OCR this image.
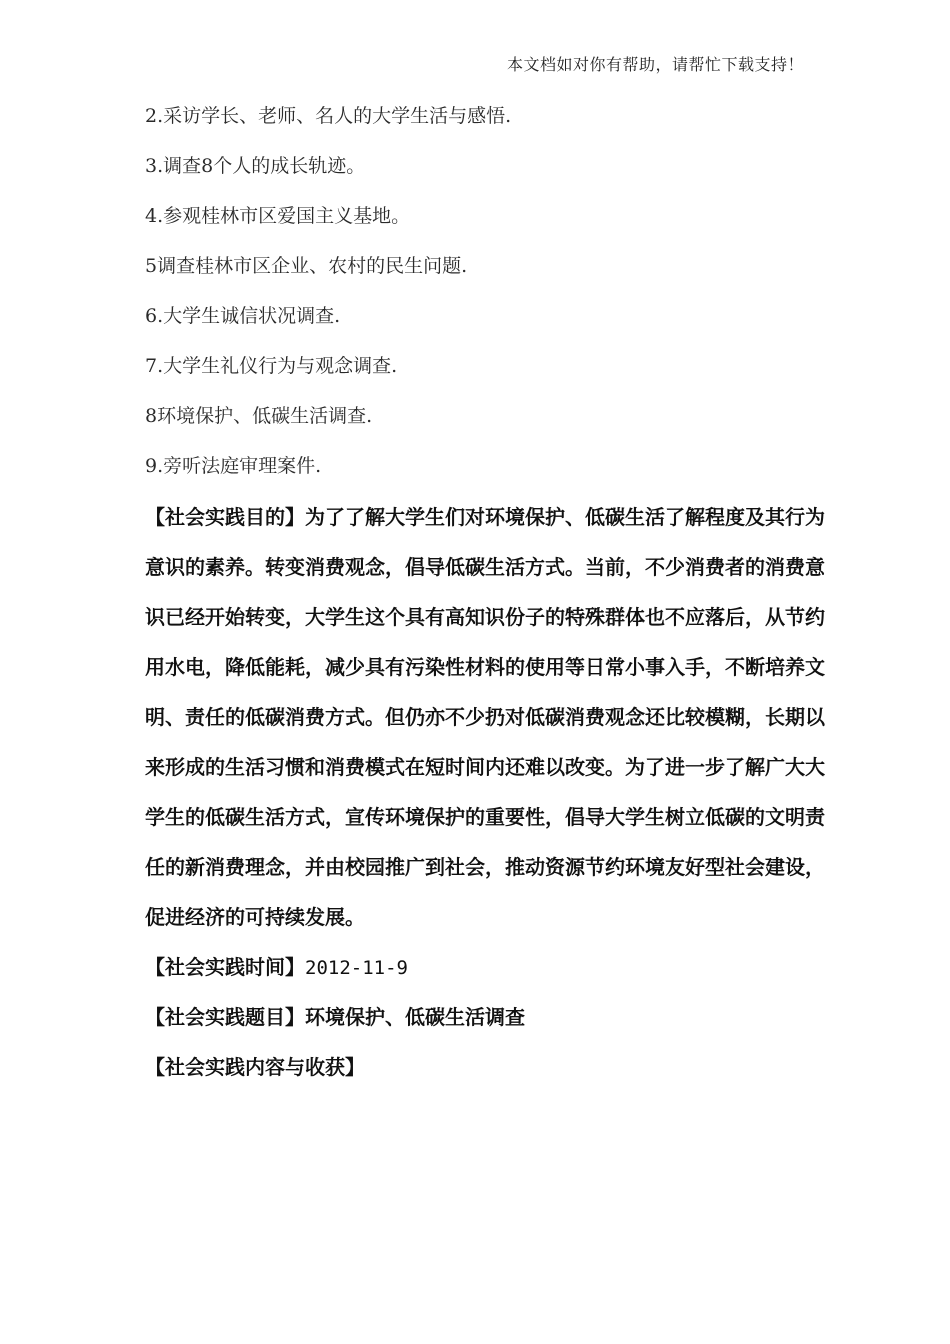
本文档如对你有帮助，请帮忙下载支持！
2.采访学长、老师、名人的大学生活与感悟.
3.调查8个人的成长轨迹。
4.参观桂林市区爱国主义基地。
5调查桂林市区企业、农村的民生问题.
6.大学生诚信状况调查.
7.大学生礼仪行为与观念调查.
8环境保护、低碳生活调查.
9.旁听法庭审理案件.

【社会实践目的】为了了解大学生们对环境保护、低碳生活了解程度及其行为意识的素养。转变消费观念，倡导低碳生活方式。当前，不少消费者的消费意识已经开始转变，大学生这个具有高知识份子的特殊群体也不应落后，从节约用水电，降低能耗，减少具有污染性材料的使用等日常小事入手，不断培养文明、责任的低碳消费方式。但仍亦不少扔对低碳消费观念还比较模糊，长期以来形成的生活习惯和消费模式在短时间内还难以改变。为了进一步了解广大大学生的低碳生活方式，宣传环境保护的重要性，倡导大学生树立低碳的文明责任的新消费理念，并由校园推广到社会，推动资源节约环境友好型社会建设，促进经济的可持续发展。

【社会实践时间】2012-11-9
【社会实践题目】环境保护、低碳生活调查
【社会实践内容与收获】
